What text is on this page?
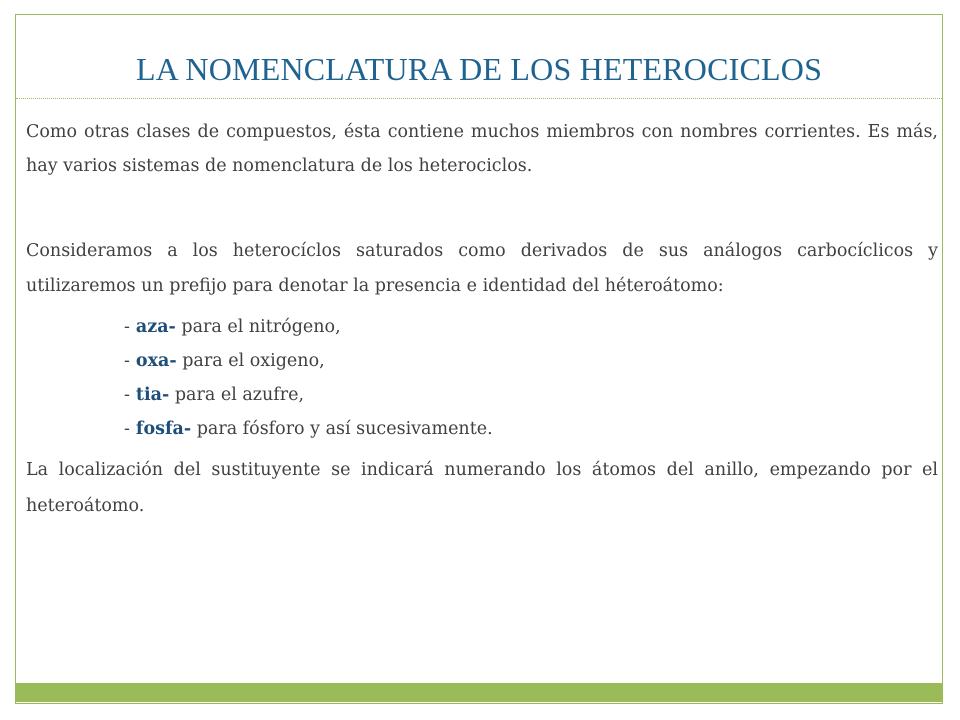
LA NOMENCLATURA DE LOS HETEROCICLOS

Como otras clases de compuestos, ésta contiene muchos miembros con nombres corrientes. Es más, hay varios sistemas de nomenclatura de los heterociclos.

Consideramos a los heterocíclos saturados como derivados de sus análogos carbocíclicos y utilizaremos un prefijo para denotar la presencia e identidad del héteroátomo:

- aza- para el nitrógeno,
- oxa- para el oxigeno,
- tia- para el azufre,
- fosfa- para fósforo y así sucesivamente.

La localización del sustituyente se indicará numerando los átomos del anillo, empezando por el heteroátomo.
